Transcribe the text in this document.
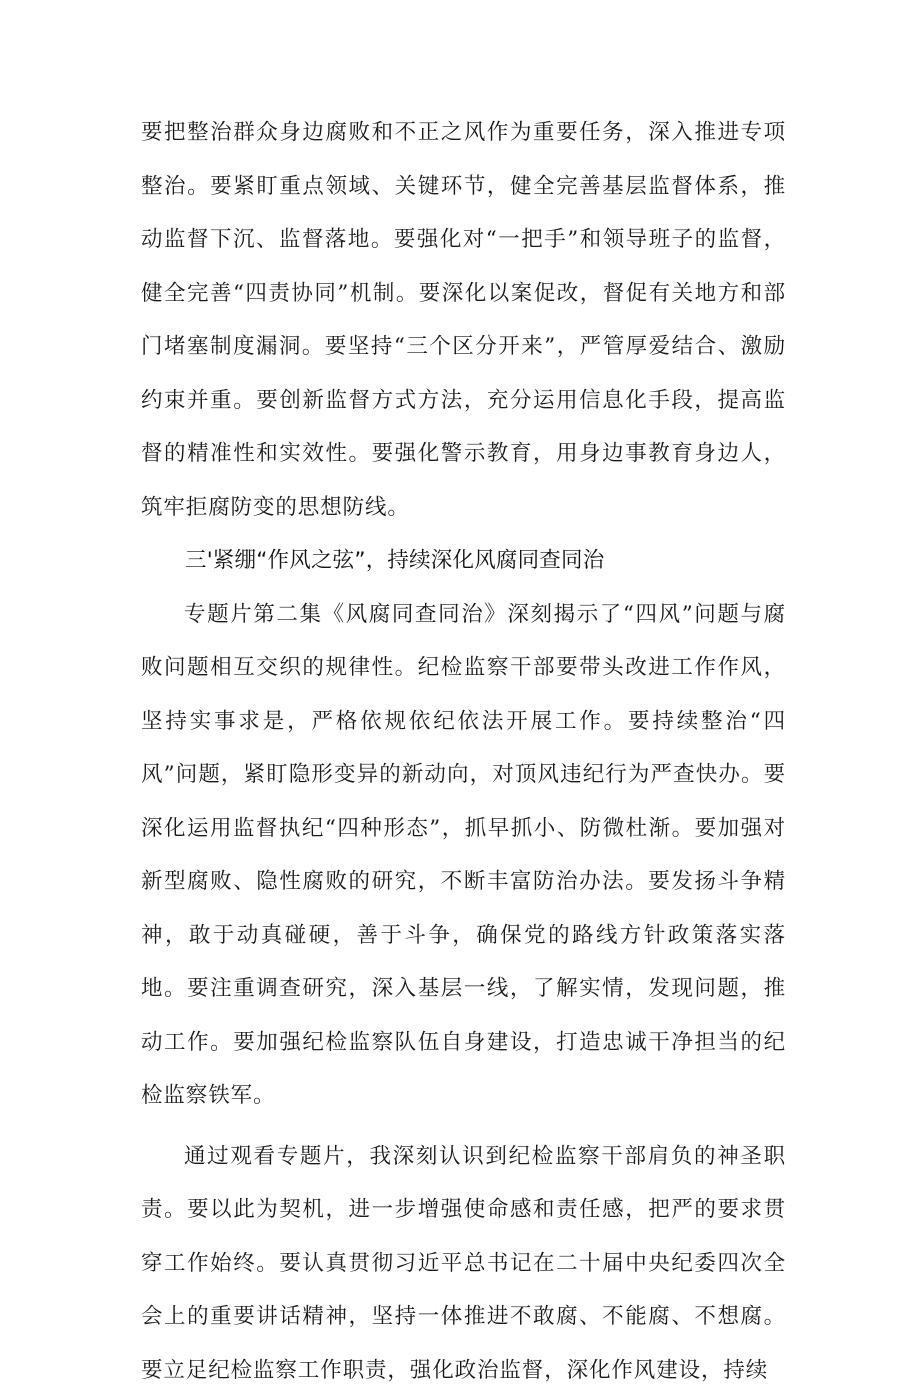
要把整治群众身边腐败和不正之风作为重要任务，深入推进专项整治。要紧盯重点领域、关键环节，健全完善基层监督体系，推动监督下沉、监督落地。要强化对“一把手”和领导班子的监督，健全完善“四责协同”机制。要深化以案促改，督促有关地方和部门堵塞制度漏洞。要坚持“三个区分开来”，严管厚爱结合、激励约束并重。要创新监督方式方法，充分运用信息化手段，提高监督的精准性和实效性。要强化警示教育，用身边事教育身边人，筑牢拒腐防变的思想防线。

三'紧绷“作风之弦”，持续深化风腐同查同治

专题片第二集《风腐同查同治》深刻揭示了“四风”问题与腐败问题相互交织的规律性。纪检监察干部要带头改进工作作风，坚持实事求是，严格依规依纪依法开展工作。要持续整治“四风”问题，紧盯隐形变异的新动向，对顶风违纪行为严查快办。要深化运用监督执纪“四种形态”，抓早抓小、防微杜渐。要加强对新型腐败、隐性腐败的研究，不断丰富防治办法。要发扬斗争精神，敢于动真碰硬，善于斗争，确保党的路线方针政策落实落地。要注重调查研究，深入基层一线，了解实情，发现问题，推动工作。要加强纪检监察队伍自身建设，打造忠诚干净担当的纪检监察铁军。

通过观看专题片，我深刻认识到纪检监察干部肩负的神圣职责。要以此为契机，进一步增强使命感和责任感，把严的要求贯穿工作始终。要认真贯彻习近平总书记在二十届中央纪委四次全会上的重要讲话精神，坚持一体推进不敢腐、不能腐、不想腐。要立足纪检监察工作职责，强化政治监督，深化作风建设，持续
